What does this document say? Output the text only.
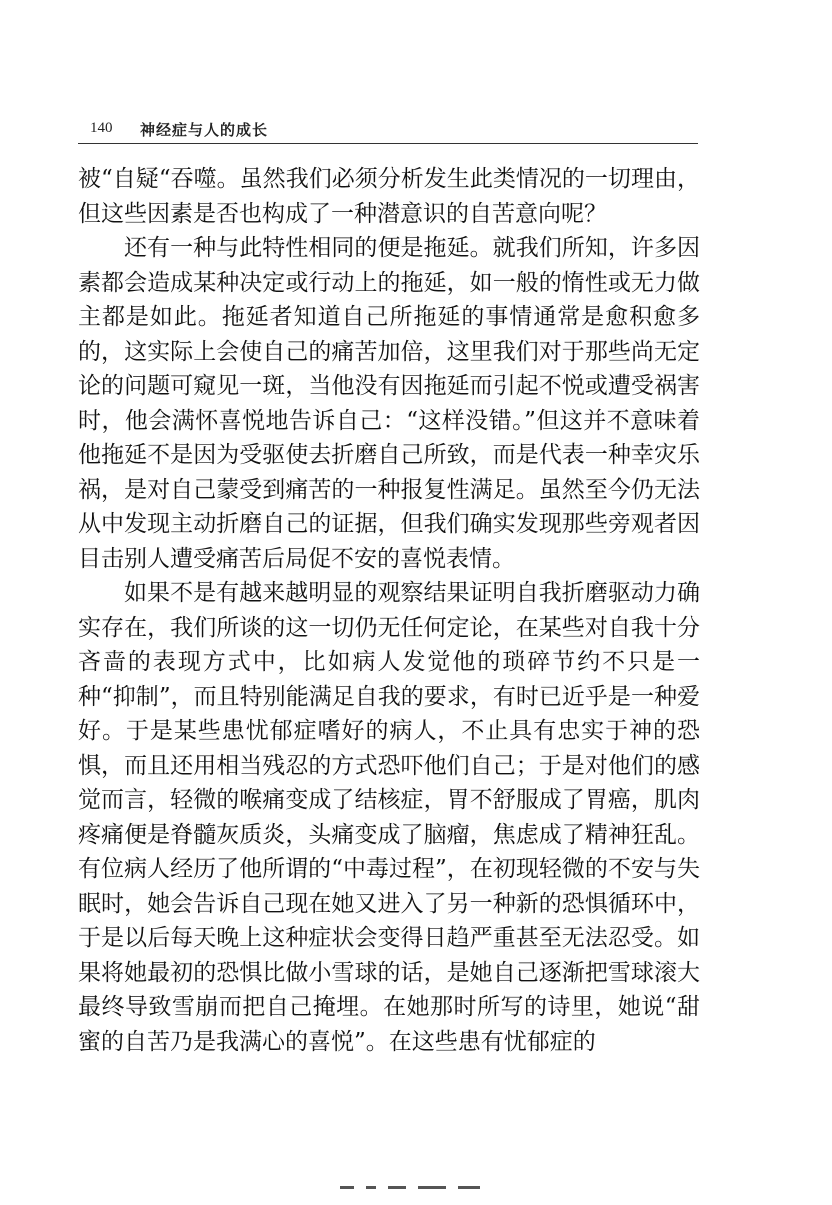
140 神经症与人的成长

被“自疑“吞噬。虽然我们必须分析发生此类情况的一切理由，但这些因素是否也构成了一种潜意识的自苦意向呢？

还有一种与此特性相同的便是拖延。就我们所知，许多因素都会造成某种决定或行动上的拖延，如一般的惰性或无力做主都是如此。拖延者知道自己所拖延的事情通常是愈积愈多的，这实际上会使自己的痛苦加倍，这里我们对于那些尚无定论的问题可窥见一斑，当他没有因拖延而引起不悦或遭受祸害时，他会满怀喜悦地告诉自己：“这样没错。”但这并不意味着他拖延不是因为受驱使去折磨自己所致，而是代表一种幸灾乐祸，是对自己蒙受到痛苦的一种报复性满足。虽然至今仍无法从中发现主动折磨自己的证据，但我们确实发现那些旁观者因目击别人遭受痛苦后局促不安的喜悦表情。

如果不是有越来越明显的观察结果证明自我折磨驱动力确实存在，我们所谈的这一切仍无任何定论，在某些对自我十分吝啬的表现方式中，比如病人发觉他的琐碎节约不只是一种“抑制”，而且特别能满足自我的要求，有时已近乎是一种爱好。于是某些患忧郁症嗜好的病人，不止具有忠实于神的恐惧，而且还用相当残忍的方式恐吓他们自己；于是对他们的感觉而言，轻微的喉痛变成了结核症，胃不舒服成了胃癌，肌肉疼痛便是脊髓灰质炎，头痛变成了脑瘤，焦虑成了精神狂乱。有位病人经历了他所谓的“中毒过程”，在初现轻微的不安与失眠时，她会告诉自己现在她又进入了另一种新的恐惧循环中，于是以后每天晚上这种症状会变得日趋严重甚至无法忍受。如果将她最初的恐惧比做小雪球的话，是她自己逐渐把雪球滚大最终导致雪崩而把自己掩埋。在她那时所写的诗里，她说“甜蜜的自苦乃是我满心的喜悦”。在这些患有忧郁症的
